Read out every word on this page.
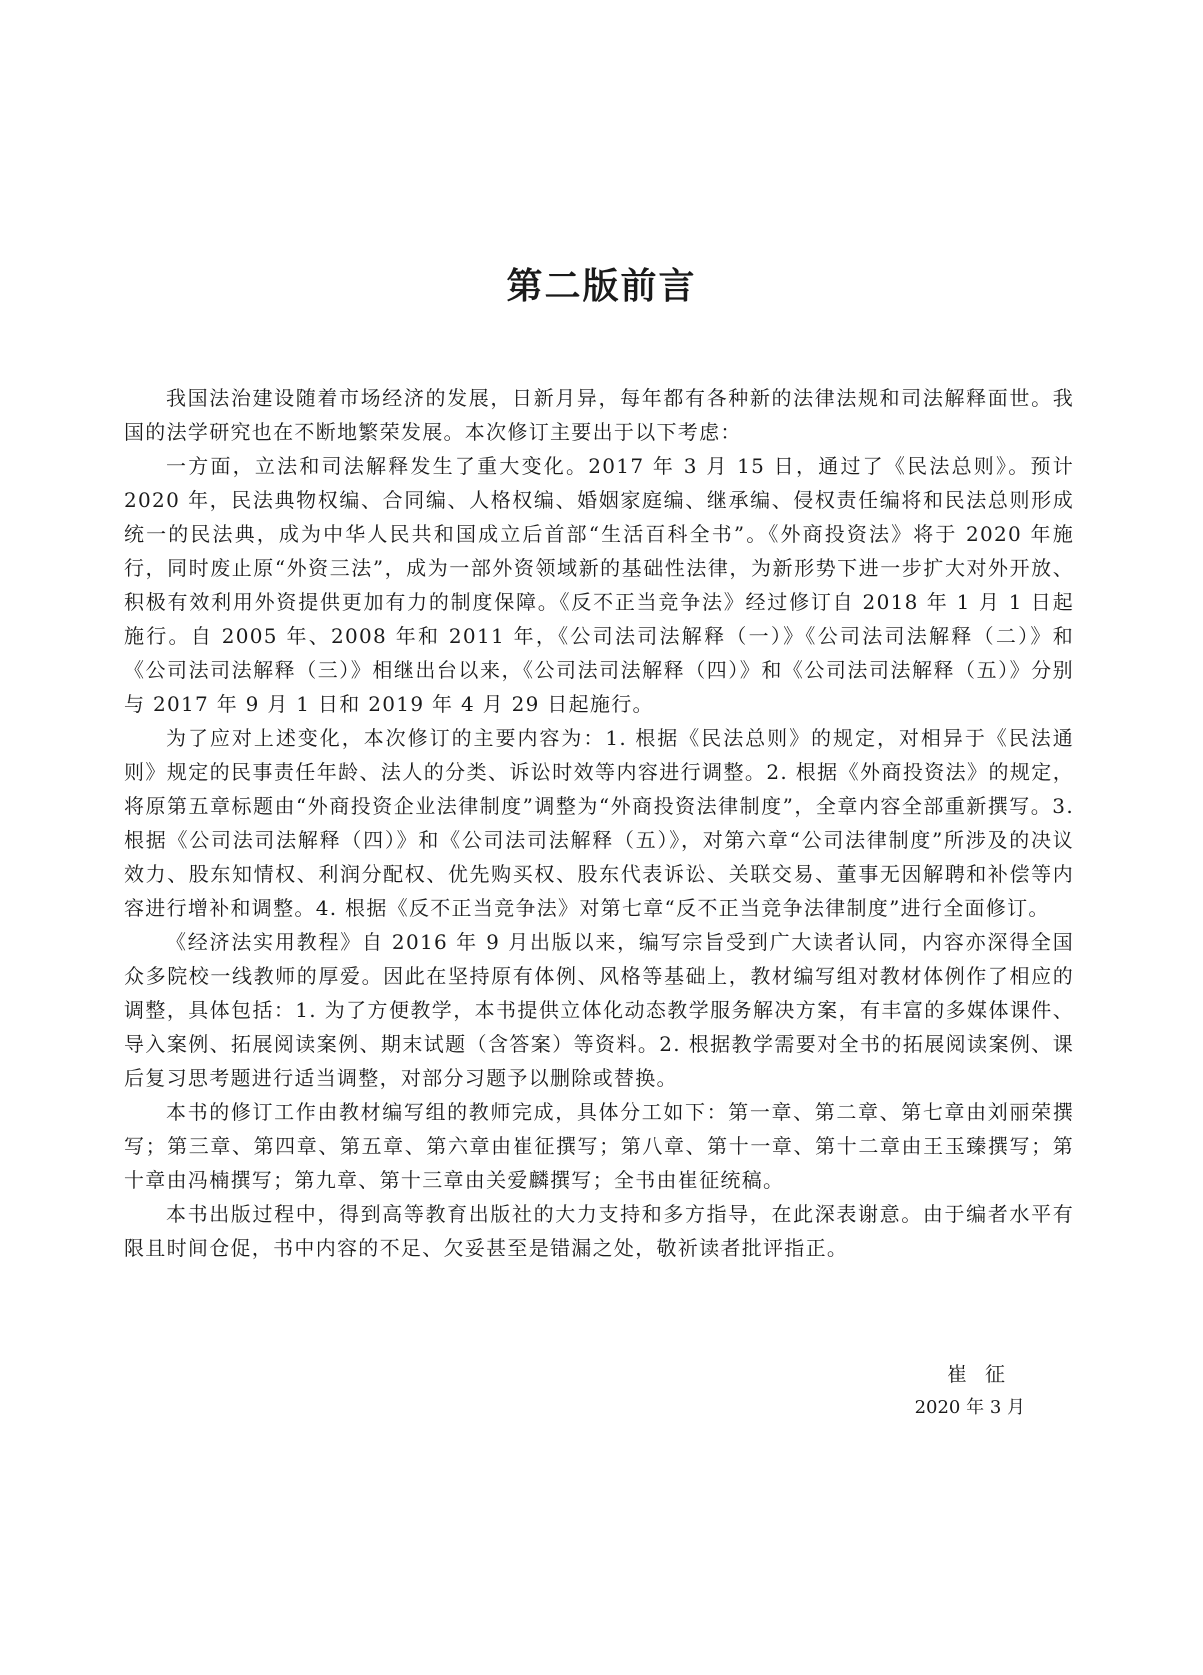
第二版前言

我国法治建设随着市场经济的发展，日新月异，每年都有各种新的法律法规和司法解释面世。我国的法学研究也在不断地繁荣发展。本次修订主要出于以下考虑：

一方面，立法和司法解释发生了重大变化。2017 年 3 月 15 日，通过了《民法总则》。预计 2020 年，民法典物权编、合同编、人格权编、婚姻家庭编、继承编、侵权责任编将和民法总则形成统一的民法典，成为中华人民共和国成立后首部“生活百科全书”。《外商投资法》将于 2020 年施行，同时废止原“外资三法”，成为一部外资领域新的基础性法律，为新形势下进一步扩大对外开放、积极有效利用外资提供更加有力的制度保障。《反不正当竞争法》经过修订自 2018 年 1 月 1 日起施行。自 2005 年、2008 年和 2011 年，《公司法司法解释（一）》《公司法司法解释（二）》和《公司法司法解释（三）》相继出台以来，《公司法司法解释（四）》和《公司法司法解释（五）》分别与 2017 年 9 月 1 日和 2019 年 4 月 29 日起施行。

为了应对上述变化，本次修订的主要内容为：1. 根据《民法总则》的规定，对相异于《民法通则》规定的民事责任年龄、法人的分类、诉讼时效等内容进行调整。2. 根据《外商投资法》的规定，将原第五章标题由“外商投资企业法律制度”调整为“外商投资法律制度”，全章内容全部重新撰写。3. 根据《公司法司法解释（四）》和《公司法司法解释（五）》，对第六章“公司法律制度”所涉及的决议效力、股东知情权、利润分配权、优先购买权、股东代表诉讼、关联交易、董事无因解聘和补偿等内容进行增补和调整。4. 根据《反不正当竞争法》对第七章“反不正当竞争法律制度”进行全面修订。

《经济法实用教程》自 2016 年 9 月出版以来，编写宗旨受到广大读者认同，内容亦深得全国众多院校一线教师的厚爱。因此在坚持原有体例、风格等基础上，教材编写组对教材体例作了相应的调整，具体包括：1. 为了方便教学，本书提供立体化动态教学服务解决方案，有丰富的多媒体课件、导入案例、拓展阅读案例、期末试题（含答案）等资料。2. 根据教学需要对全书的拓展阅读案例、课后复习思考题进行适当调整，对部分习题予以删除或替换。

本书的修订工作由教材编写组的教师完成，具体分工如下：第一章、第二章、第七章由刘丽荣撰写；第三章、第四章、第五章、第六章由崔征撰写；第八章、第十一章、第十二章由王玉臻撰写；第十章由冯楠撰写；第九章、第十三章由关爱麟撰写；全书由崔征统稿。

本书出版过程中，得到高等教育出版社的大力支持和多方指导，在此深表谢意。由于编者水平有限且时间仓促，书中内容的不足、欠妥甚至是错漏之处，敬祈读者批评指正。

崔征
2020 年 3 月
